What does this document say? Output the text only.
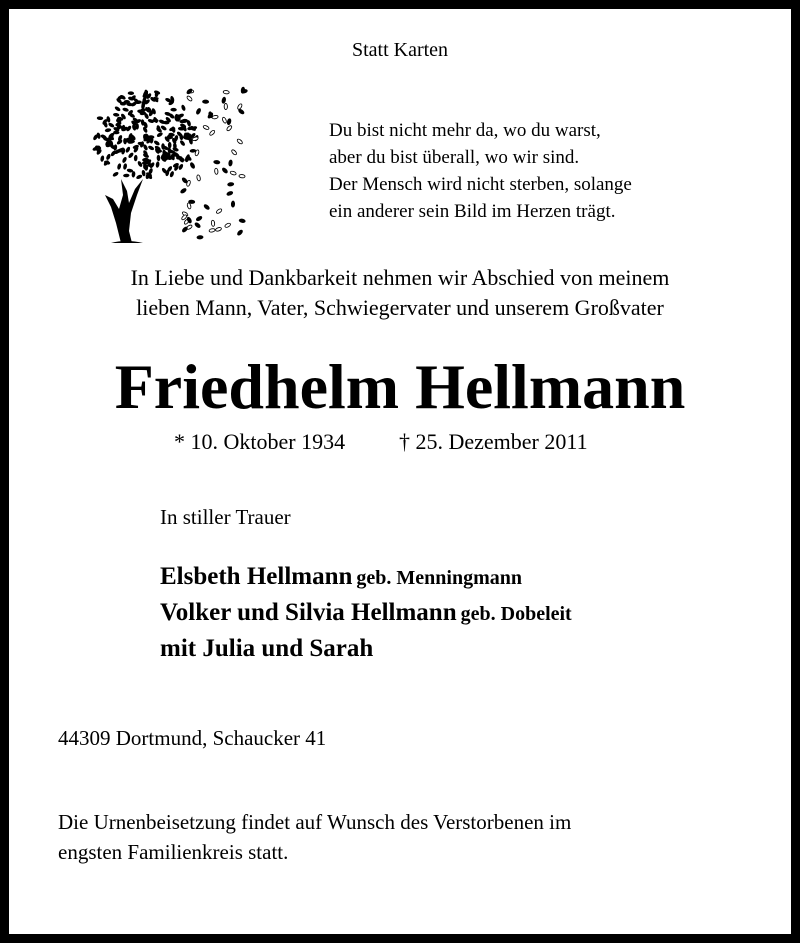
Statt Karten
Du bist nicht mehr da, wo du warst,
aber du bist überall, wo wir sind.
Der Mensch wird nicht sterben, solange
ein anderer sein Bild im Herzen trägt.
In Liebe und Dankbarkeit nehmen wir Abschied von meinem
lieben Mann, Vater, Schwiegervater und unserem Großvater
Friedhelm Hellmann
* 10. Oktober 1934 † 25. Dezember 2011
In stiller Trauer
Elsbeth Hellmann geb. Menningmann
Volker und Silvia Hellmann geb. Dobeleit
mit Julia und Sarah
44309 Dortmund, Schaucker 41
Die Urnenbeisetzung findet auf Wunsch des Verstorbenen im
engsten Familienkreis statt.
